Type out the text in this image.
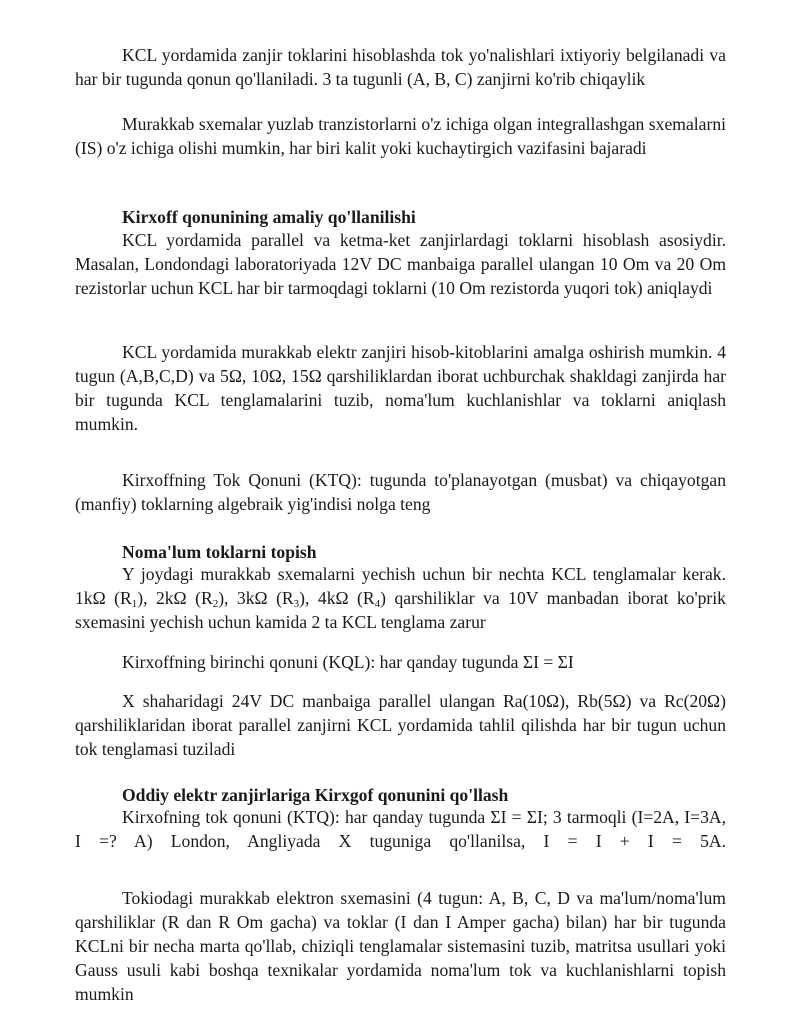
KCL yordamida zanjir toklarini hisoblashda tok yo'nalishlari ixtiyoriy belgilanadi va har bir tugunda qonun qo'llaniladi. 3 ta tugunli (A, B, C) zanjirni ko'rib chiqaylik

Murakkab sxemalar yuzlab tranzistorlarni o'z ichiga olgan integrallashgan sxemalarni (IS) o'z ichiga olishi mumkin, har biri kalit yoki kuchaytirgich vazifasini bajaradi

Kirxoff qonunining amaliy qo'llanilishi

KCL yordamida parallel va ketma-ket zanjirlardagi toklarni hisoblash asosiydir. Masalan, Londondagi laboratoriyada 12V DC manbaiga parallel ulangan 10 Om va 20 Om rezistorlar uchun KCL har bir tarmoqdagi toklarni (10 Om rezistorda yuqori tok) aniqlaydi

KCL yordamida murakkab elektr zanjiri hisob-kitoblarini amalga oshirish mumkin. 4 tugun (A,B,C,D) va 5Ω, 10Ω, 15Ω qarshiliklardan iborat uchburchak shakldagi zanjirda har bir tugunda KCL tenglamalarini tuzib, noma'lum kuchlanishlar va toklarni aniqlash mumkin.

Kirxoffning Tok Qonuni (KTQ): tugunda to'planayotgan (musbat) va chiqayotgan (manfiy) toklarning algebraik yig'indisi nolga teng

Noma'lum toklarni topish

Y joydagi murakkab sxemalarni yechish uchun bir nechta KCL tenglamalar kerak. 1kΩ $(R_1)$, 2kΩ $(R_2)$, 3kΩ $(R_3)$, 4kΩ $(R_4)$ qarshiliklar va 10V manbadan iborat ko'prik sxemasini yechish uchun kamida 2 ta KCL tenglama zarur

Kirxoffning birinchi qonuni (KQL): har qanday tugunda ΣI = ΣI

X shaharidagi 24V DC manbaiga parallel ulangan Ra(10Ω), Rb(5Ω) va Rc(20Ω) qarshiliklaridan iborat parallel zanjirni KCL yordamida tahlil qilishda har bir tugun uchun tok tenglamasi tuziladi

Oddiy elektr zanjirlariga Kirxgof qonunini qo'llash

Kirxofning tok qonuni (KTQ): har qanday tugunda ΣI = ΣI; 3 tarmoqli (I=2A, I=3A, I =? A) London, Angliyada X tuguniga qo'llanilsa, I = I + I = 5A.

Tokiodagi murakkab elektron sxemasini (4 tugun: A, B, C, D va ma'lum/noma'lum qarshiliklar (R dan R Om gacha) va toklar (I dan I Amper gacha) bilan) har bir tugunda KCLni bir necha marta qo'llab, chiziqli tenglamalar sistemasini tuzib, matritsa usullari yoki Gauss usuli kabi boshqa texnikalar yordamida noma'lum tok va kuchlanishlarni topish mumkin
